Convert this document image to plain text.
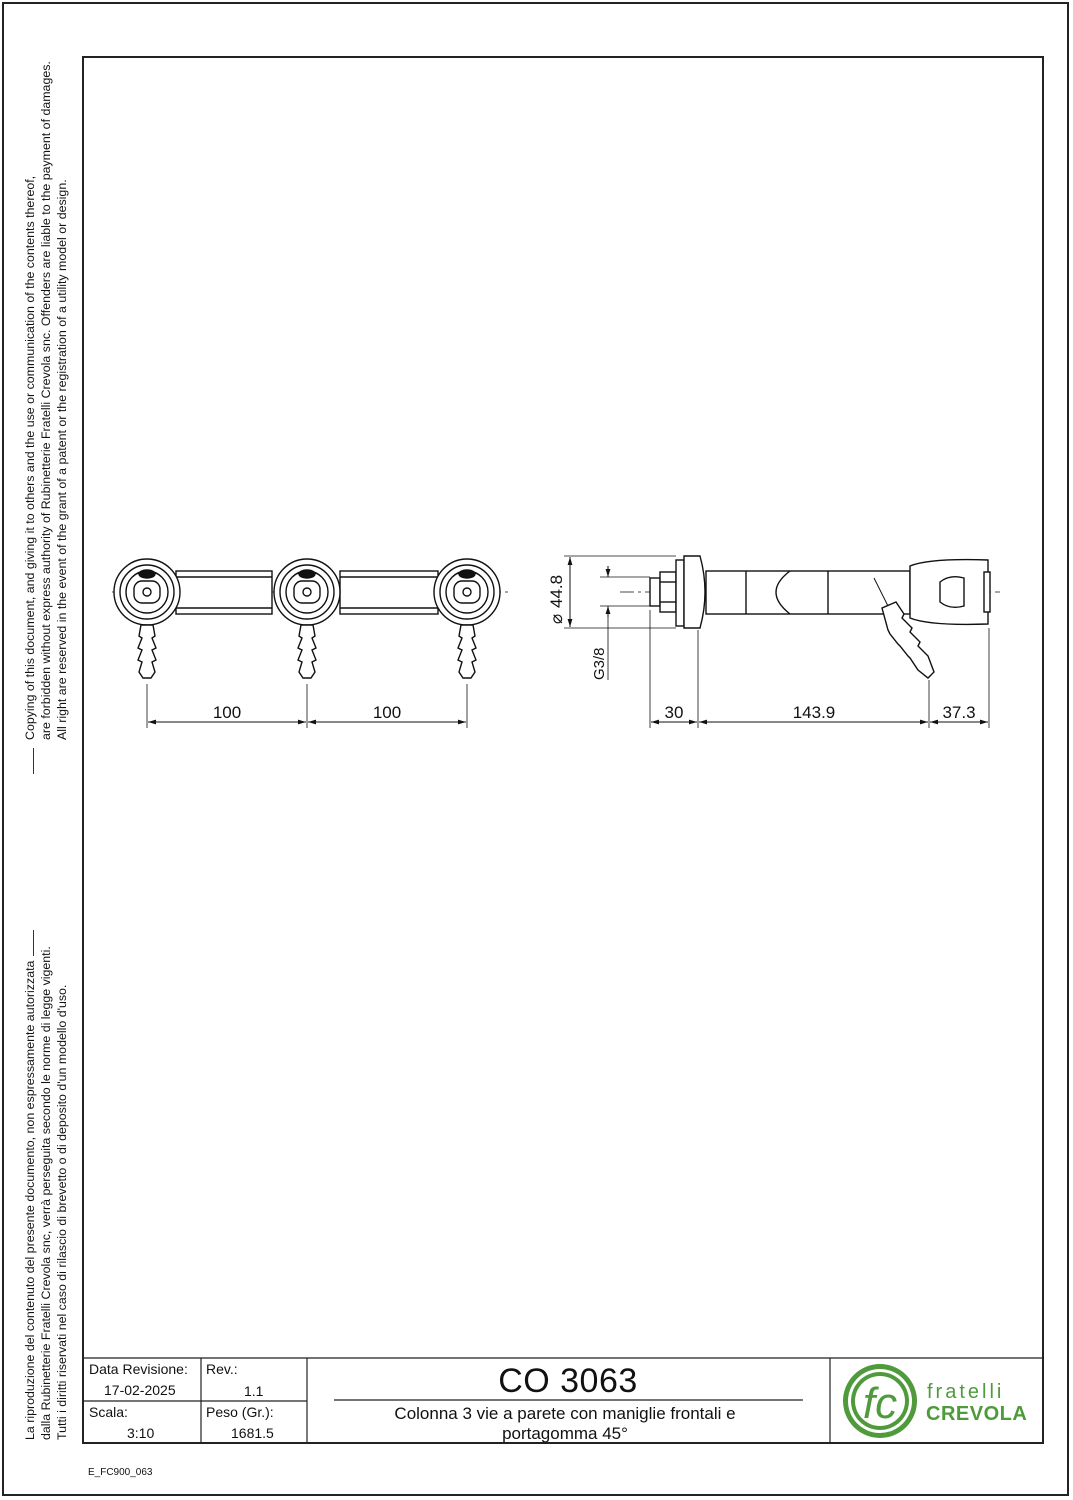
Copying of this document, and giving it to others and the use or communication of the contents thereof, are forbidden without express authority of Rubinetterie Fratelli Crevola snc. Offenders are liable to the payment of damages. All right are reserved in the event of the grant of a patent or the registration of a utility model or design.
La riproduzione del contenuto del presente documento, non espressamente autorizzata dalla Rubinetterie Fratelli Crevola snc, verrà perseguita secondo le norme di legge vigenti. Tutti i diritti riservati nel caso di rilascio di brevetto o di deposito d'un modello d'uso.
100	100
⌀
44.8
G3/8
30	143.9	37.3
fc fratelli
CREVOLA
Data Revisione:
17-02-2025
Rev.:
1.1
Scala:
3:10
Peso (Gr.):
1681.5
CO 3063
Colonna 3 vie a parete con maniglie frontali e
portagomma 45°
E_FC900_063
